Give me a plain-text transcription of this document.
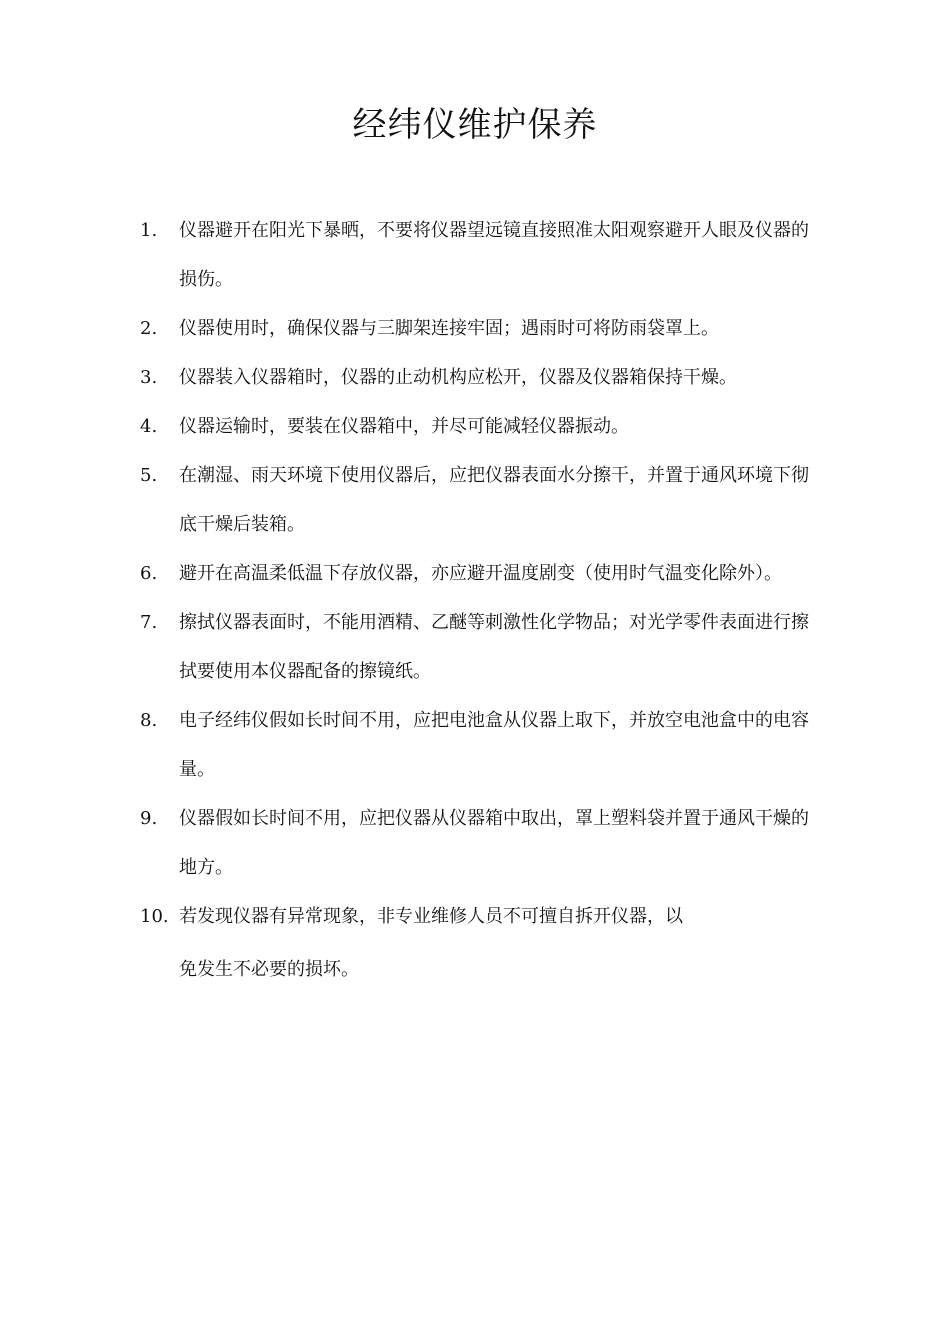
经纬仪维护保养
1.	仪器避开在阳光下暴晒，不要将仪器望远镜直接照准太阳观察避开人眼及仪器的损伤。
2.	仪器使用时，确保仪器与三脚架连接牢固；遇雨时可将防雨袋罩上。
3.	仪器装入仪器箱时，仪器的止动机构应松开，仪器及仪器箱保持干燥。
4.	仪器运输时，要装在仪器箱中，并尽可能减轻仪器振动。
5.	在潮湿、雨天环境下使用仪器后，应把仪器表面水分擦干，并置于通风环境下彻底干燥后装箱。
6.	避开在高温柔低温下存放仪器，亦应避开温度剧变（使用时气温变化除外）。
7.	擦拭仪器表面时，不能用酒精、乙醚等刺激性化学物品；对光学零件表面进行擦拭要使用本仪器配备的擦镜纸。
8.	电子经纬仪假如长时间不用，应把电池盒从仪器上取下，并放空电池盒中的电容量。
9.	仪器假如长时间不用，应把仪器从仪器箱中取出，罩上塑料袋并置于通风干燥的地方。
10. 若发现仪器有异常现象，非专业维修人员不可擅自拆开仪器，以
免发生不必要的损坏。
